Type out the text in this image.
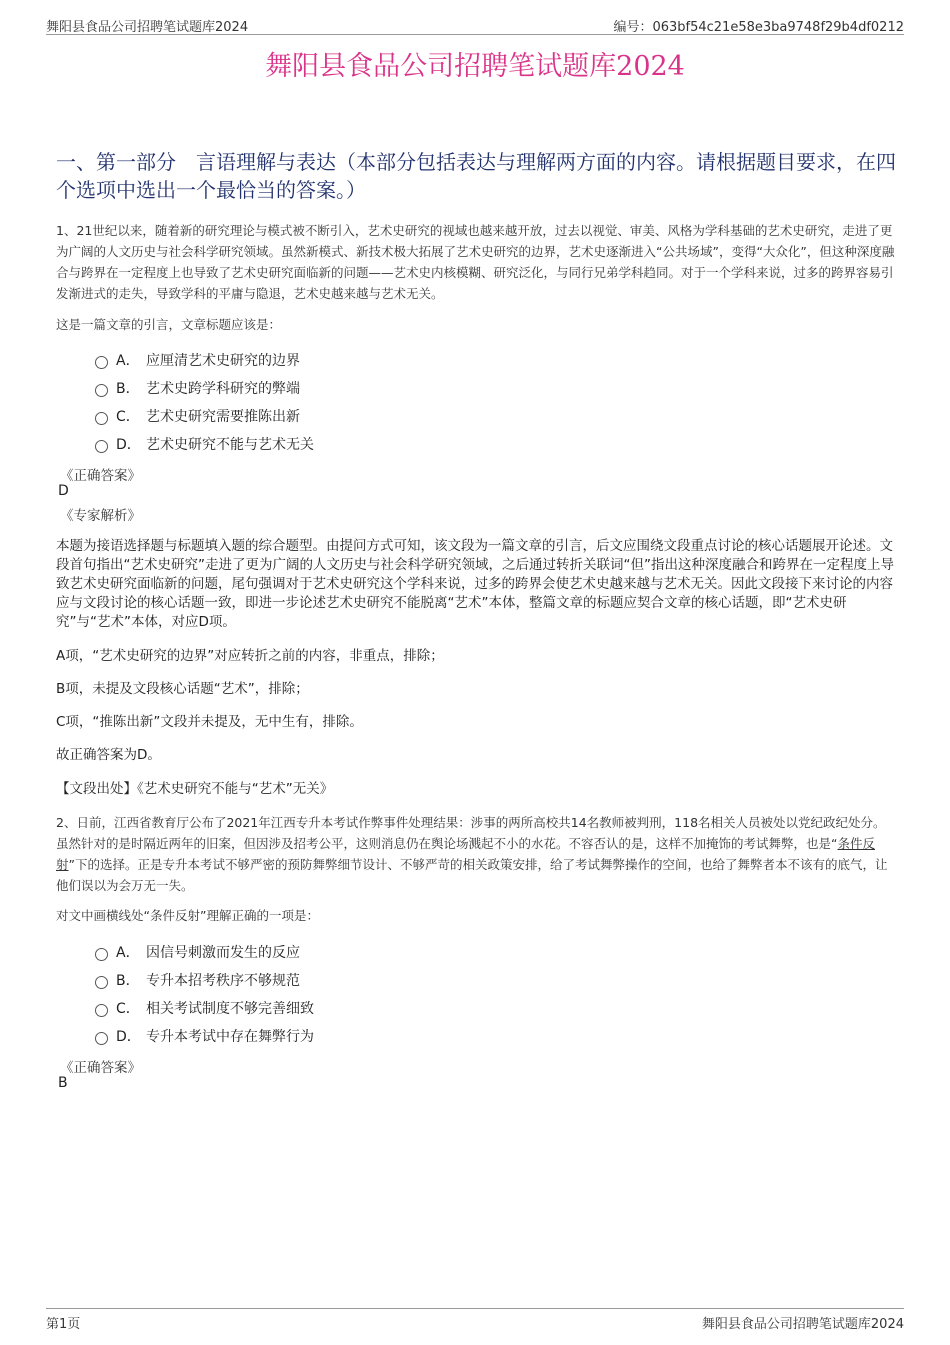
舞阳县食品公司招聘笔试题库2024	编号：063bf54c21e58e3ba9748f29b4df0212
舞阳县食品公司招聘笔试题库2024
一、第一部分　言语理解与表达（本部分包括表达与理解两方面的内容。请根据题目要求，在四个选项中选出一个最恰当的答案。）
1、21世纪以来，随着新的研究理论与模式被不断引入，艺术史研究的视域也越来越开放，过去以视觉、审美、风格为学科基础的艺术史研究，走进了更为广阔的人文历史与社会科学研究领域。虽然新模式、新技术极大拓展了艺术史研究的边界，艺术史逐渐进入“公共场域”，变得“大众化”，但这种深度融合与跨界在一定程度上也导致了艺术史研究面临新的问题——艺术史内核模糊、研究泛化，与同行兄弟学科趋同。对于一个学科来说，过多的跨界容易引发渐进式的走失，导致学科的平庸与隐退，艺术史越来越与艺术无关。
这是一篇文章的引言，文章标题应该是：
A． 应厘清艺术史研究的边界
B． 艺术史跨学科研究的弊端
C． 艺术史研究需要推陈出新
D． 艺术史研究不能与艺术无关
《正确答案》
D
《专家解析》
本题为接语选择题与标题填入题的综合题型。由提问方式可知，该文段为一篇文章的引言，后文应围绕文段重点讨论的核心话题展开论述。文段首句指出“艺术史研究”走进了更为广阔的人文历史与社会科学研究领域，之后通过转折关联词“但”指出这种深度融合和跨界在一定程度上导致艺术史研究面临新的问题，尾句强调对于艺术史研究这个学科来说，过多的跨界会使艺术史越来越与艺术无关。因此文段接下来讨论的内容应与文段讨论的核心话题一致，即进一步论述艺术史研究不能脱离“艺术”本体，整篇文章的标题应契合文章的核心话题，即“艺术史研究”与“艺术”本体，对应D项。
A项，“艺术史研究的边界”对应转折之前的内容，非重点，排除；
B项，未提及文段核心话题“艺术”，排除；
C项，“推陈出新”文段并未提及，无中生有，排除。
故正确答案为D。
【文段出处】《艺术史研究不能与“艺术”无关》
2、日前，江西省教育厅公布了2021年江西专升本考试作弊事件处理结果：涉事的两所高校共14名教师被判刑，118名相关人员被处以党纪政纪处分。虽然针对的是时隔近两年的旧案，但因涉及招考公平，这则消息仍在舆论场溅起不小的水花。不容否认的是，这样不加掩饰的考试舞弊，也是“条件反射”下的选择。正是专升本考试不够严密的预防舞弊细节设计、不够严苛的相关政策安排，给了考试舞弊操作的空间，也给了舞弊者本不该有的底气，让他们误以为会万无一失。
对文中画横线处“条件反射”理解正确的一项是：
A． 因信号刺激而发生的反应
B． 专升本招考秩序不够规范
C． 相关考试制度不够完善细致
D． 专升本考试中存在舞弊行为
《正确答案》
B
第1页	舞阳县食品公司招聘笔试题库2024
